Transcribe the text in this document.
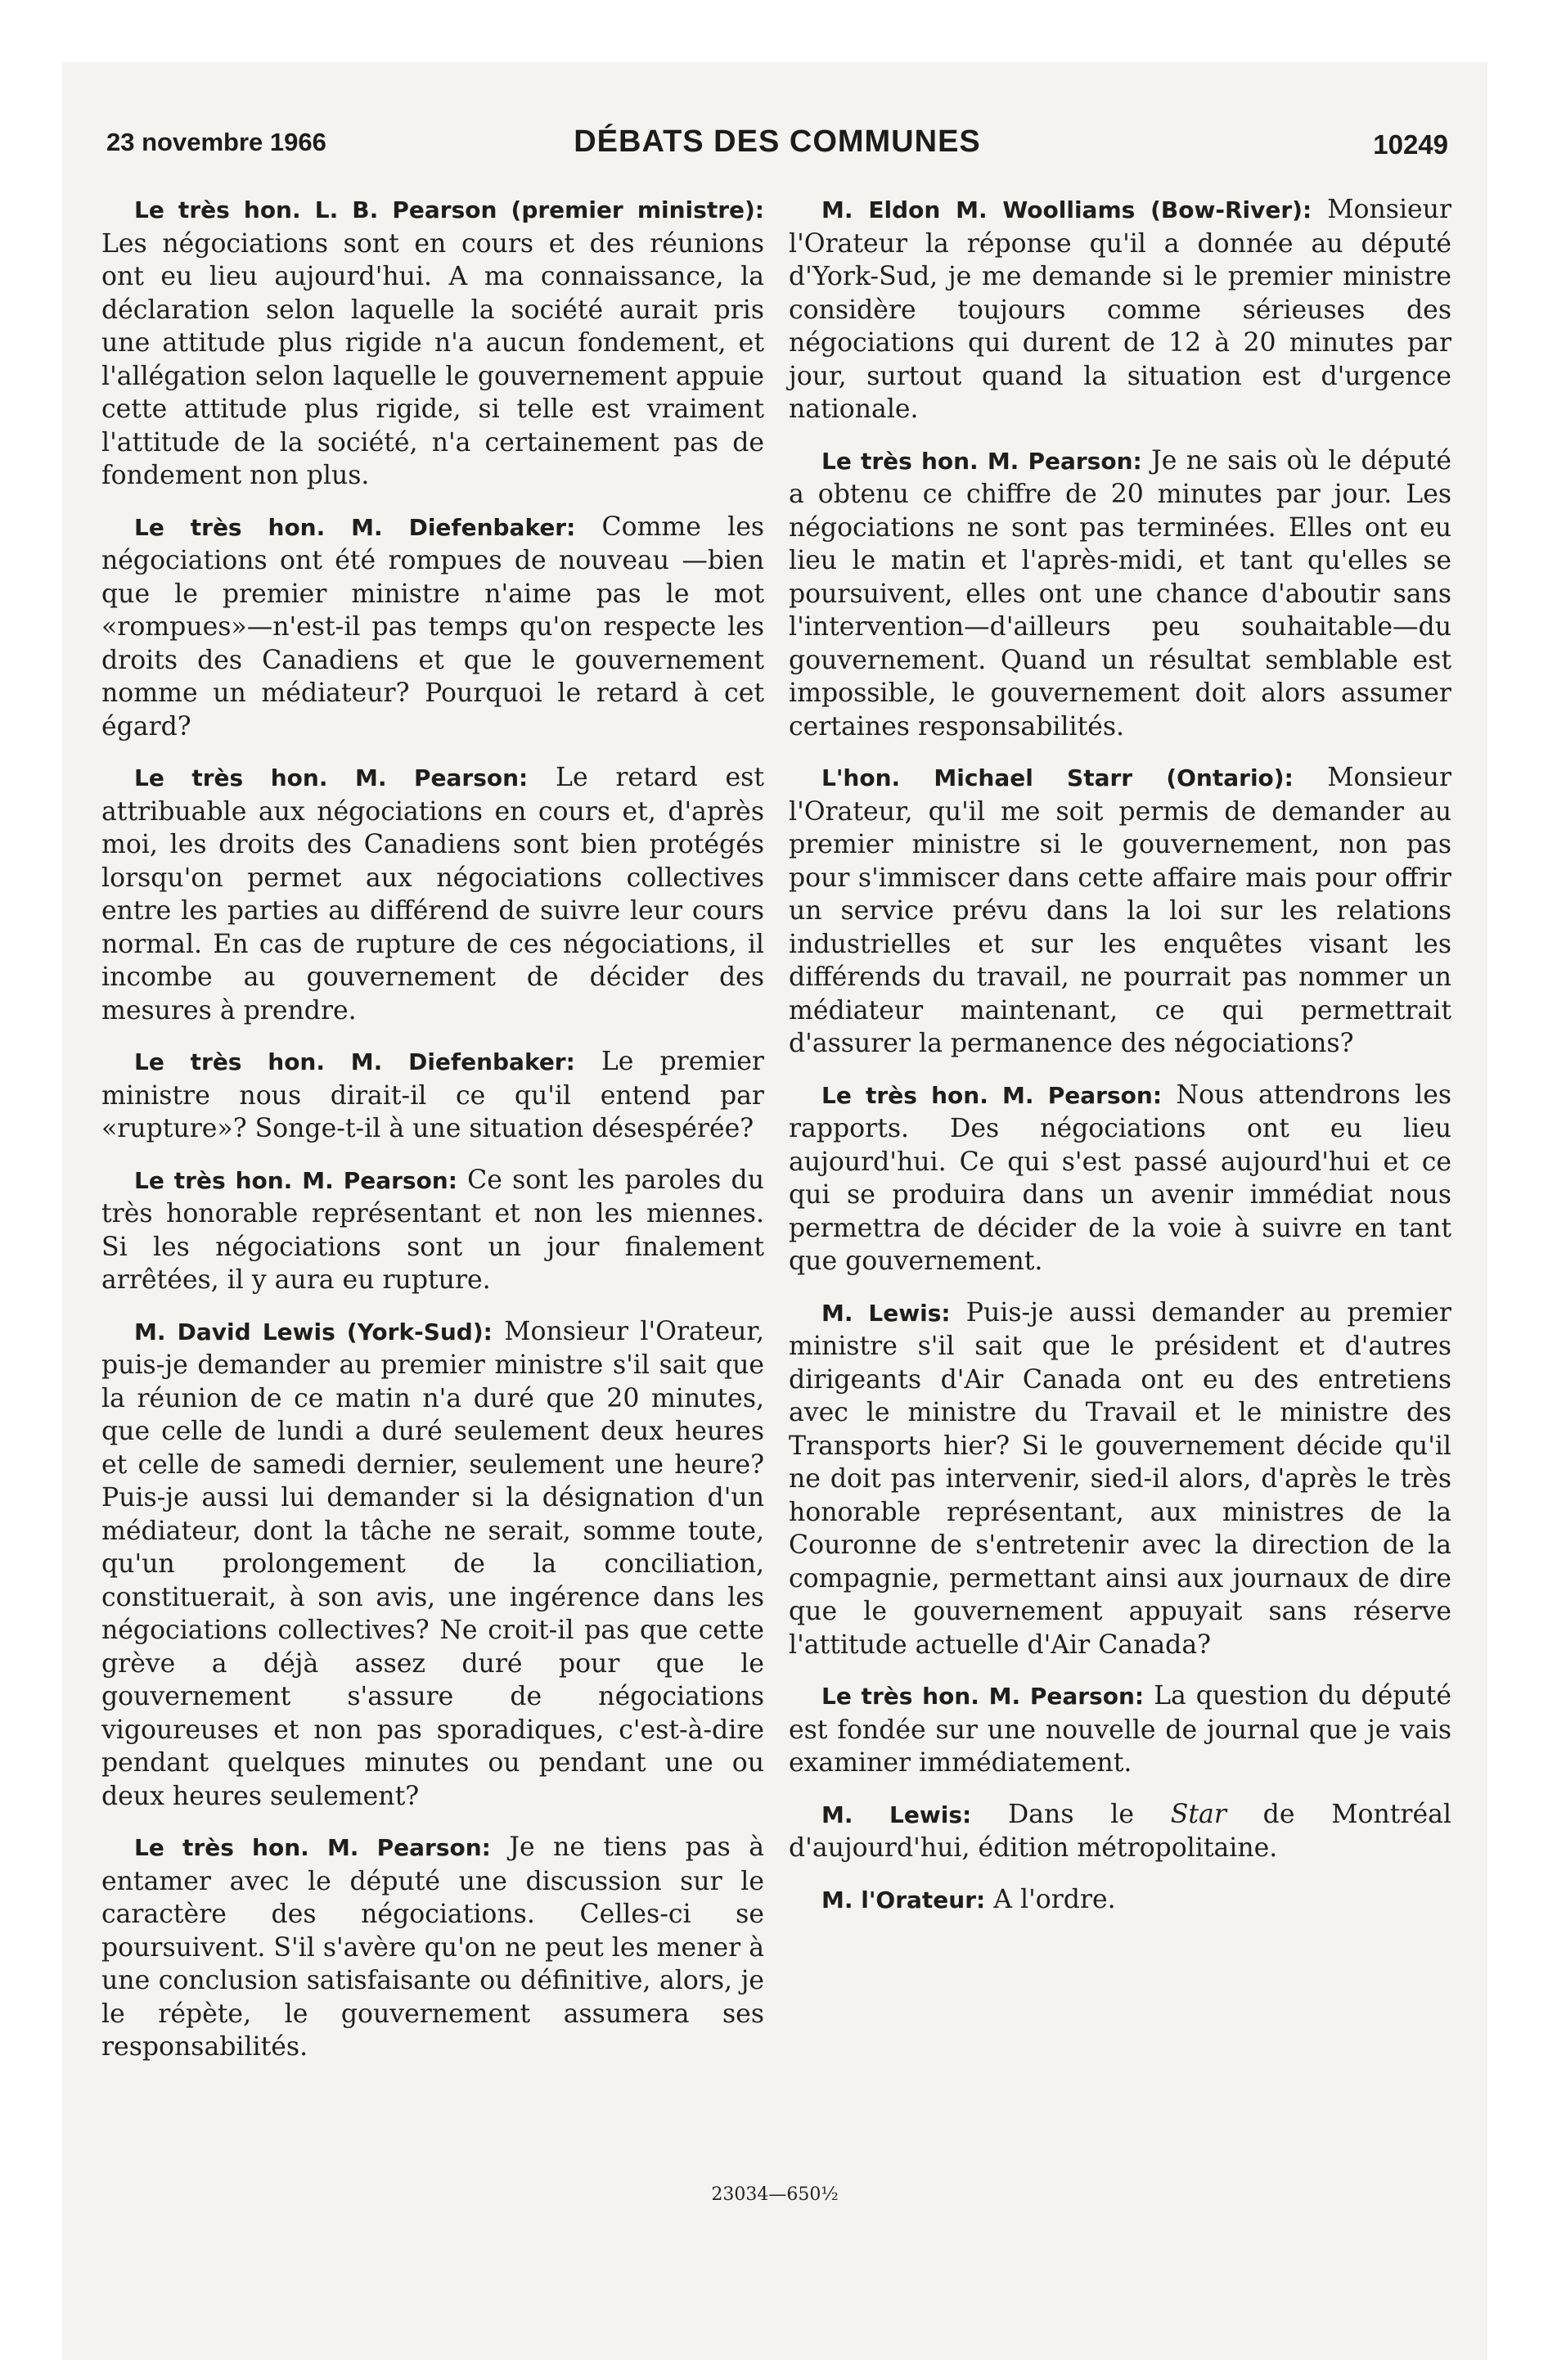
23 novembre 1966	DÉBATS DES COMMUNES	10249

Le très hon. L. B. Pearson (premier ministre): Les négociations sont en cours et des réunions ont eu lieu aujourd'hui. A ma connaissance, la déclaration selon laquelle la société aurait pris une attitude plus rigide n'a aucun fondement, et l'allégation selon laquelle le gouvernement appuie cette attitude plus rigide, si telle est vraiment l'attitude de la société, n'a certainement pas de fondement non plus.

Le très hon. M. Diefenbaker: Comme les négociations ont été rompues de nouveau —bien que le premier ministre n'aime pas le mot «rompues»—n'est-il pas temps qu'on respecte les droits des Canadiens et que le gouvernement nomme un médiateur? Pourquoi le retard à cet égard?

Le très hon. M. Pearson: Le retard est attribuable aux négociations en cours et, d'après moi, les droits des Canadiens sont bien protégés lorsqu'on permet aux négociations collectives entre les parties au différend de suivre leur cours normal. En cas de rupture de ces négociations, il incombe au gouvernement de décider des mesures à prendre.

Le très hon. M. Diefenbaker: Le premier ministre nous dirait-il ce qu'il entend par «rupture»? Songe-t-il à une situation désespérée?

Le très hon. M. Pearson: Ce sont les paroles du très honorable représentant et non les miennes. Si les négociations sont un jour finalement arrêtées, il y aura eu rupture.

M. David Lewis (York-Sud): Monsieur l'Orateur, puis-je demander au premier ministre s'il sait que la réunion de ce matin n'a duré que 20 minutes, que celle de lundi a duré seulement deux heures et celle de samedi dernier, seulement une heure? Puis-je aussi lui demander si la désignation d'un médiateur, dont la tâche ne serait, somme toute, qu'un prolongement de la conciliation, constituerait, à son avis, une ingérence dans les négociations collectives? Ne croit-il pas que cette grève a déjà assez duré pour que le gouvernement s'assure de négociations vigoureuses et non pas sporadiques, c'est-à-dire pendant quelques minutes ou pendant une ou deux heures seulement?

Le très hon. M. Pearson: Je ne tiens pas à entamer avec le député une discussion sur le caractère des négociations. Celles-ci se poursuivent. S'il s'avère qu'on ne peut les mener à une conclusion satisfaisante ou définitive, alors, je le répète, le gouvernement assumera ses responsabilités.

M. Eldon M. Woolliams (Bow-River): Monsieur l'Orateur la réponse qu'il a donnée au député d'York-Sud, je me demande si le premier ministre considère toujours comme sérieuses des négociations qui durent de 12 à 20 minutes par jour, surtout quand la situation est d'urgence nationale.

Le très hon. M. Pearson: Je ne sais où le député a obtenu ce chiffre de 20 minutes par jour. Les négociations ne sont pas terminées. Elles ont eu lieu le matin et l'après-midi, et tant qu'elles se poursuivent, elles ont une chance d'aboutir sans l'intervention—d'ailleurs peu souhaitable—du gouvernement. Quand un résultat semblable est impossible, le gouvernement doit alors assumer certaines responsabilités.

L'hon. Michael Starr (Ontario): Monsieur l'Orateur, qu'il me soit permis de demander au premier ministre si le gouvernement, non pas pour s'immiscer dans cette affaire mais pour offrir un service prévu dans la loi sur les relations industrielles et sur les enquêtes visant les différends du travail, ne pourrait pas nommer un médiateur maintenant, ce qui permettrait d'assurer la permanence des négociations?

Le très hon. M. Pearson: Nous attendrons les rapports. Des négociations ont eu lieu aujourd'hui. Ce qui s'est passé aujourd'hui et ce qui se produira dans un avenir immédiat nous permettra de décider de la voie à suivre en tant que gouvernement.

M. Lewis: Puis-je aussi demander au premier ministre s'il sait que le président et d'autres dirigeants d'Air Canada ont eu des entretiens avec le ministre du Travail et le ministre des Transports hier? Si le gouvernement décide qu'il ne doit pas intervenir, sied-il alors, d'après le très honorable représentant, aux ministres de la Couronne de s'entretenir avec la direction de la compagnie, permettant ainsi aux journaux de dire que le gouvernement appuyait sans réserve l'attitude actuelle d'Air Canada?

Le très hon. M. Pearson: La question du député est fondée sur une nouvelle de journal que je vais examiner immédiatement.

M. Lewis: Dans le Star de Montréal d'aujourd'hui, édition métropolitaine.

M. l'Orateur: A l'ordre.

23034—650½
